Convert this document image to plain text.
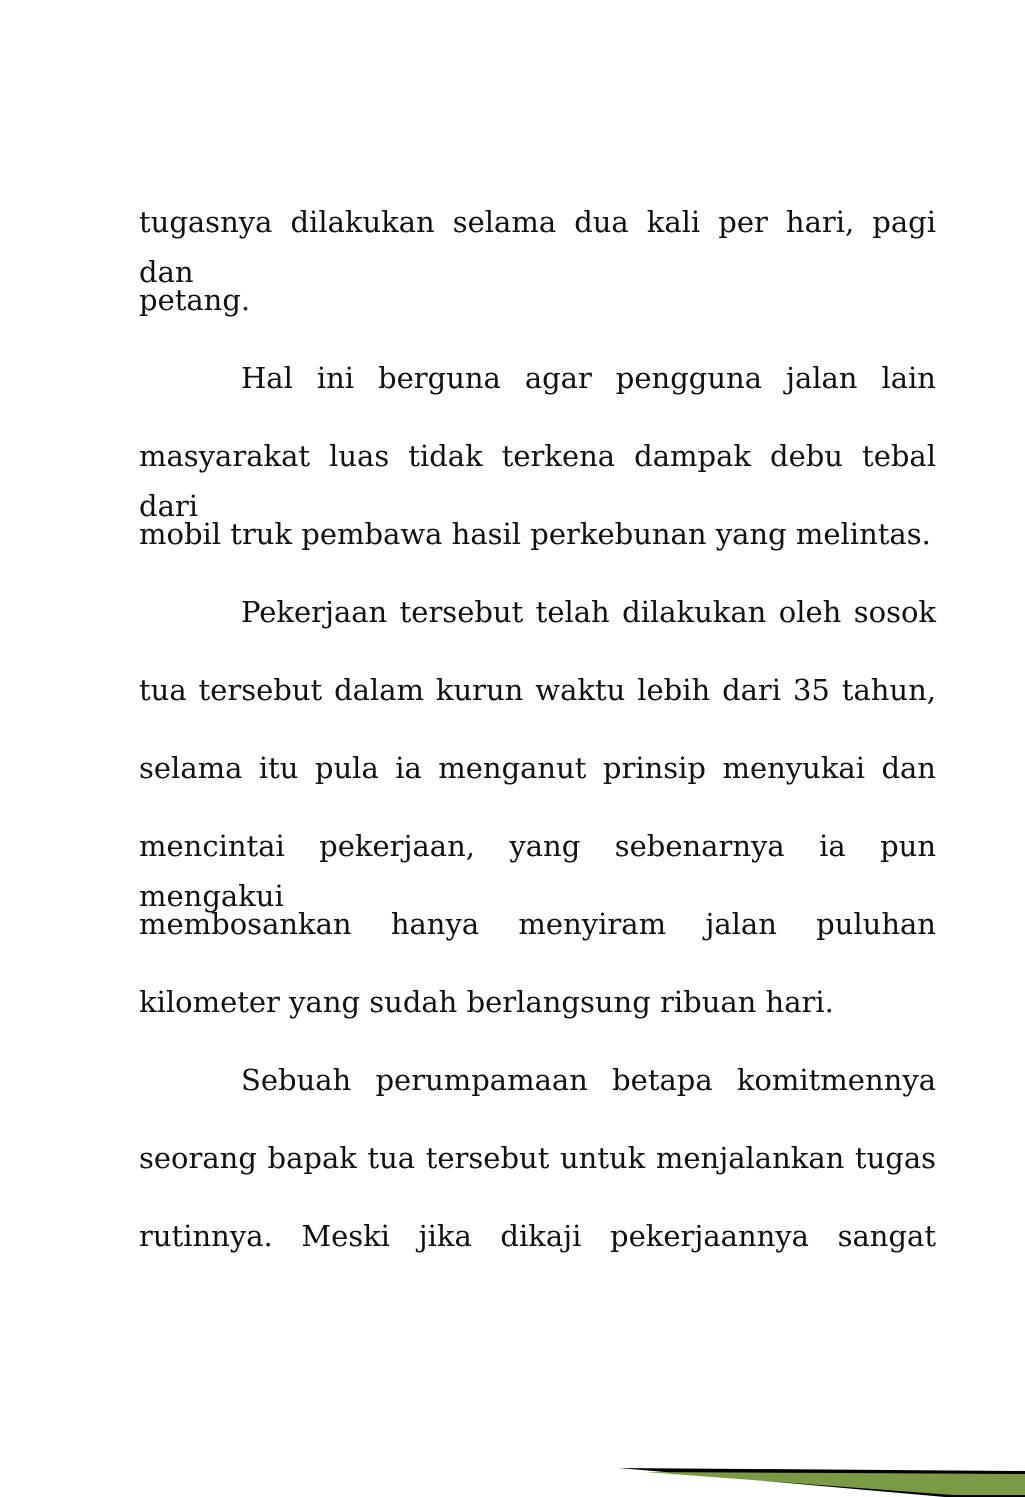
tugasnya dilakukan selama dua kali per hari, pagi dan
petang.
Hal ini berguna agar pengguna jalan lain
masyarakat luas tidak terkena dampak debu tebal dari
mobil truk pembawa hasil perkebunan yang melintas.
Pekerjaan tersebut telah dilakukan oleh sosok
tua tersebut dalam kurun waktu lebih dari 35 tahun,
selama itu pula ia menganut prinsip menyukai dan
mencintai pekerjaan, yang sebenarnya ia pun mengakui
membosankan hanya menyiram jalan puluhan
kilometer yang sudah berlangsung ribuan hari.
Sebuah perumpamaan betapa komitmennya
seorang bapak tua tersebut untuk menjalankan tugas
rutinnya. Meski jika dikaji pekerjaannya sangat
